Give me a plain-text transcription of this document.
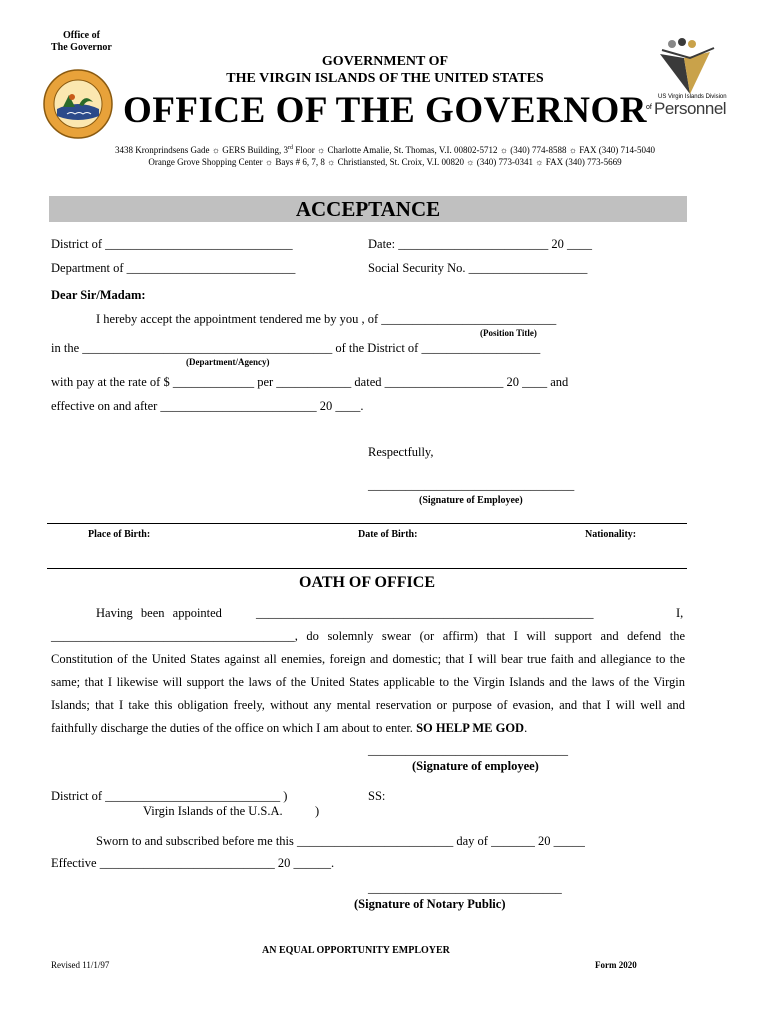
Office of
The Governor
GOVERNMENT OF
THE VIRGIN ISLANDS OF THE UNITED STATES
OFFICE OF THE GOVERNOR	US Virgin Islands Division
of Personnel
3438 Kronprindsens Gade ☼ GERS Building, 3rd Floor ☼ Charlotte Amalie, St. Thomas, V.I. 00802-5712 ☼ (340) 774-8588 ☼ FAX (340) 714-5040
Orange Grove Shopping Center ☼ Bays # 6, 7, 8 ☼ Christiansted, St. Croix, V.I. 00820 ☼ (340) 773-0341 ☼ FAX (340) 773-5669
ACCEPTANCE
District of ______________________________	Date: ________________________ 20 ____
Department of ___________________________	Social Security No. ___________________
Dear Sir/Madam:
I hereby accept the appointment tendered me by you , of ____________________________
(Position Title)
in the ________________________________________ of the District of ___________________
(Department/Agency)
with pay at the rate of $ _____________ per ____________ dated ___________________ 20 ____ and
effective on and after _________________________ 20 ____.
Respectfully,
_________________________________
(Signature of Employee)
Place of Birth:	Date of Birth:	Nationality:
OATH OF OFFICE
Having been appointed	______________________________________________________	I,
_______________________________________, do solemnly swear (or affirm) that I will support and defend the
Constitution of the United States against all enemies, foreign and domestic; that I will bear true faith and allegiance to the
same; that I likewise will support the laws of the United States applicable to the Virgin Islands and the laws of the Virgin
Islands; that I take this obligation freely, without any mental reservation or purpose of evasion, and that I will well and
faithfully discharge the duties of the office on which I am about to enter. SO HELP ME GOD.
________________________________
(Signature of employee)
District of ____________________________ )	SS:
Virgin Islands of the U.S.A.	)
Sworn to and subscribed before me this _________________________ day of _______ 20 _____
Effective ____________________________ 20 ______.
_______________________________
(Signature of Notary Public)
AN EQUAL OPPORTUNITY EMPLOYER
Revised 11/1/97	Form 2020
